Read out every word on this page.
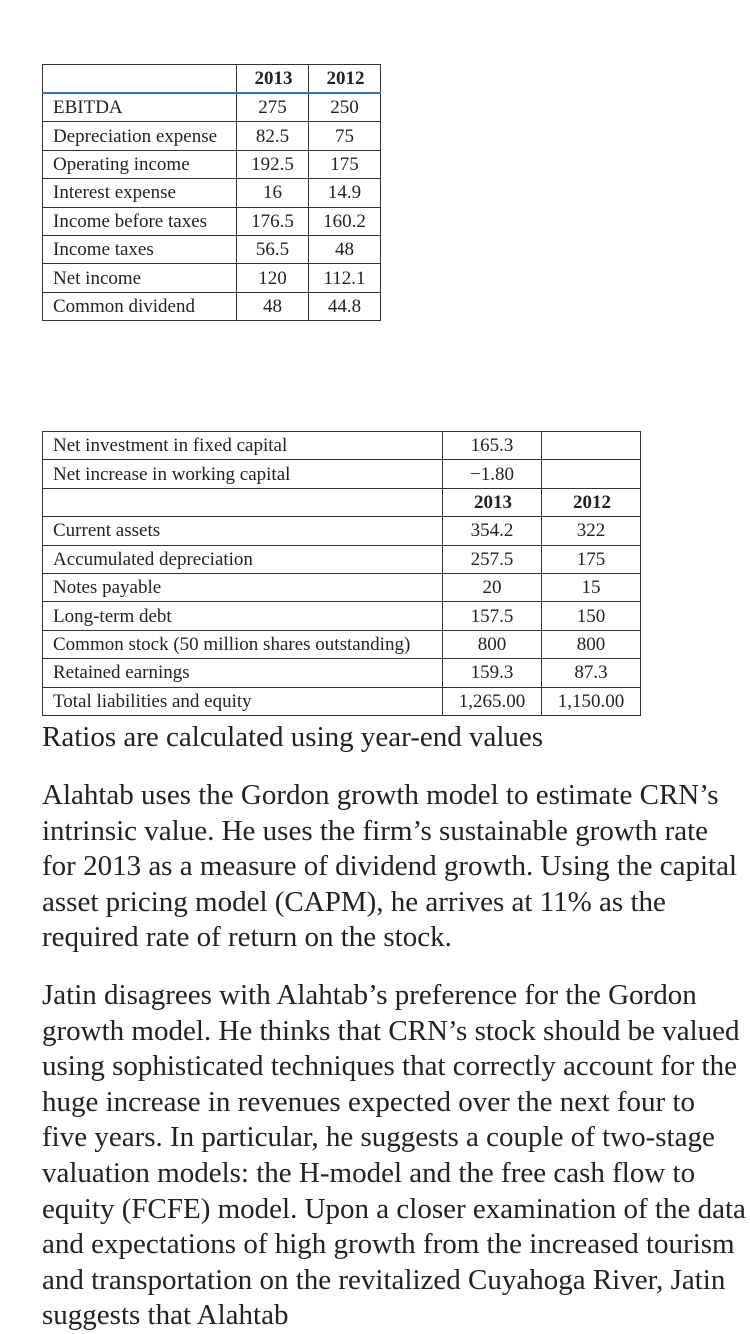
	2013	2012
EBITDA	275	250
Depreciation expense	82.5	75
Operating income	192.5	175
Interest expense	16	14.9
Income before taxes	176.5	160.2
Income taxes	56.5	48
Net income	120	112.1
Common dividend	48	44.8
Net investment in fixed capital	165.3	
Net increase in working capital	−1.80	
	2013	2012
Current assets	354.2	322
Accumulated depreciation	257.5	175
Notes payable	20	15
Long-term debt	157.5	150
Common stock (50 million shares outstanding)	800	800
Retained earnings	159.3	87.3
Total liabilities and equity	1,265.00	1,150.00

Ratios are calculated using year-end values

Alahtab uses the Gordon growth model to estimate CRN’s intrinsic value. He uses the firm’s sustainable growth rate for 2013 as a measure of dividend growth. Using the capital asset pricing model (CAPM), he arrives at 11% as the required rate of return on the stock.

Jatin disagrees with Alahtab’s preference for the Gordon growth model. He thinks that CRN’s stock should be valued using sophisticated techniques that correctly account for the huge increase in revenues expected over the next four to five years. In particular, he suggests a couple of two-stage valuation models: the H-model and the free cash flow to equity (FCFE) model. Upon a closer examination of the data and expectations of high growth from the increased tourism and transportation on the revitalized Cuyahoga River, Jatin suggests that Alahtab
